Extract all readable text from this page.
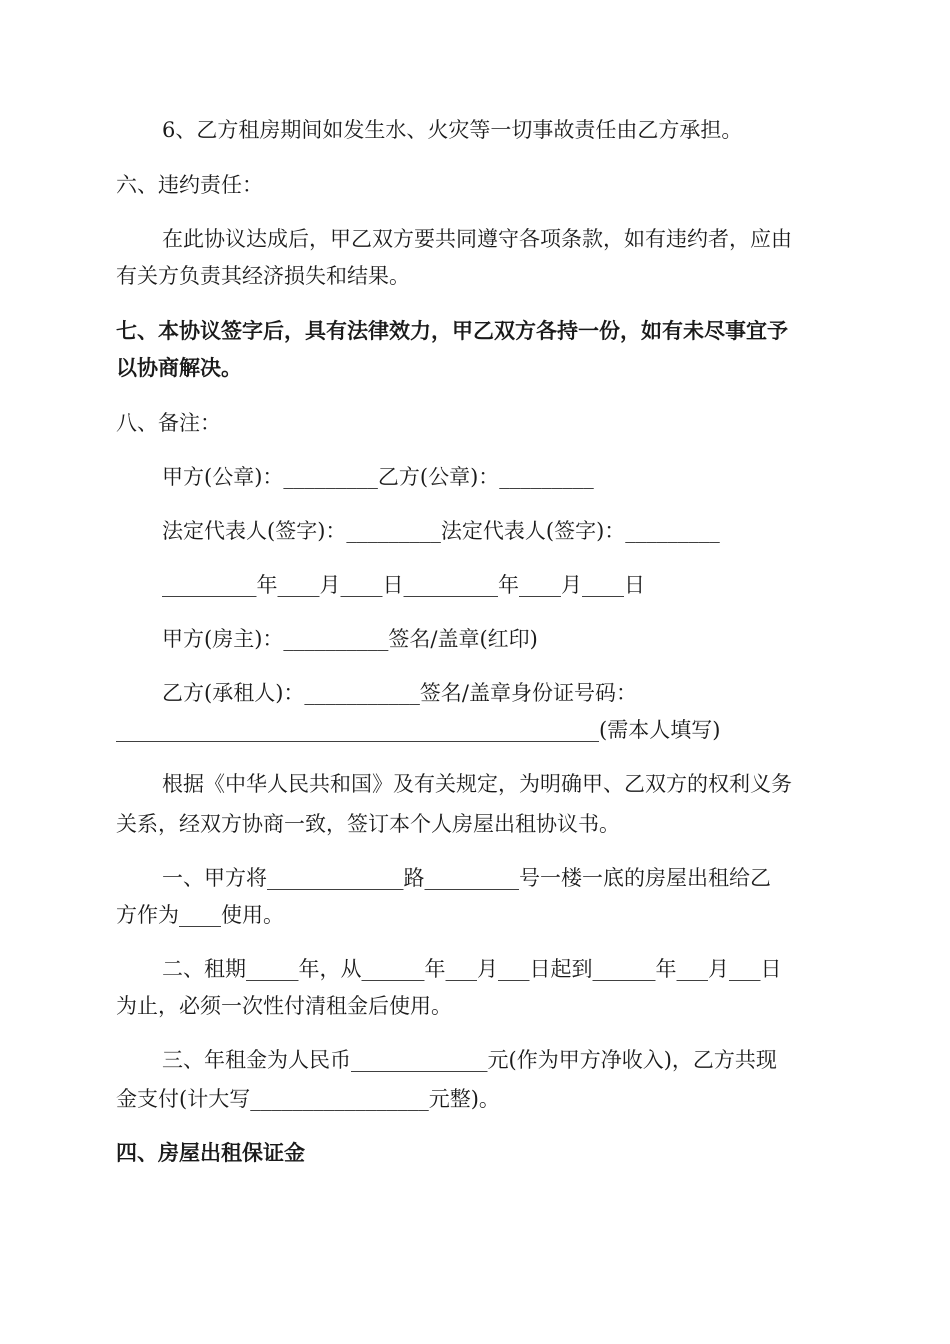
6、乙方租房期间如发生水、火灾等一切事故责任由乙方承担。
六、违约责任：
在此协议达成后，甲乙双方要共同遵守各项条款，如有违约者，应由
有关方负责其经济损失和结果。
七、本协议签字后，具有法律效力，甲乙双方各持一份，如有未尽事宜予
以协商解决。
八、备注：
甲方(公章)：_________乙方(公章)：_________
法定代表人(签字)：_________法定代表人(签字)：_________
_________年____月____日_________年____月____日
甲方(房主)：__________签名/盖章(红印)
乙方(承租人)：___________签名/盖章身份证号码：
______________________________________________(需本人填写)
根据《中华人民共和国》及有关规定，为明确甲、乙双方的权利义务
关系，经双方协商一致，签订本个人房屋出租协议书。
一、甲方将_____________路_________号一楼一底的房屋出租给乙
方作为____使用。
二、租期_____年，从______年___月___日起到______年___月___日
为止，必须一次性付清租金后使用。
三、年租金为人民币_____________元(作为甲方净收入)，乙方共现
金支付(计大写_________________元整)。
四、房屋出租保证金
